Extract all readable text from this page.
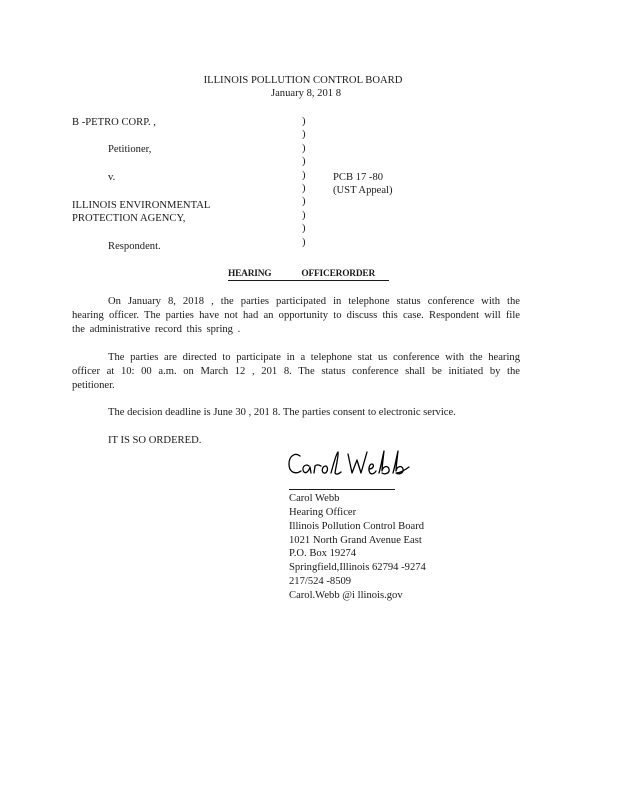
ILLINOIS POLLUTION CONTROL BOARD
January 8, 201 8
B -PETRO CORP. ,
Petitioner,
v.
ILLINOIS ENVIRONMENTAL
PROTECTION AGENCY,
Respondent.
)
)
)
)
)
)
)
)
)
)
PCB 17 -80
(UST Appeal)
HEARING	OFFICERORDER
On January 8, 2018 , the parties participated in telephone status conference with the hearing officer. The parties have not had an opportunity to discuss this case. Respondent will file the administrative record this spring .
The parties are directed to participate in a telephone stat us conference with the hearing officer at 10: 00 a.m. on March 12 , 201 8. The status conference shall be initiated by the petitioner.
The decision deadline is June 30 , 201 8. The parties consent to electronic service.
IT IS SO ORDERED.
Carol Webb
Hearing Officer
Illinois Pollution Control Board
1021 North Grand Avenue East
P.O. Box 19274
Springfield,Illinois 62794 -9274
217/524 -8509
Carol.Webb @i llinois.gov
